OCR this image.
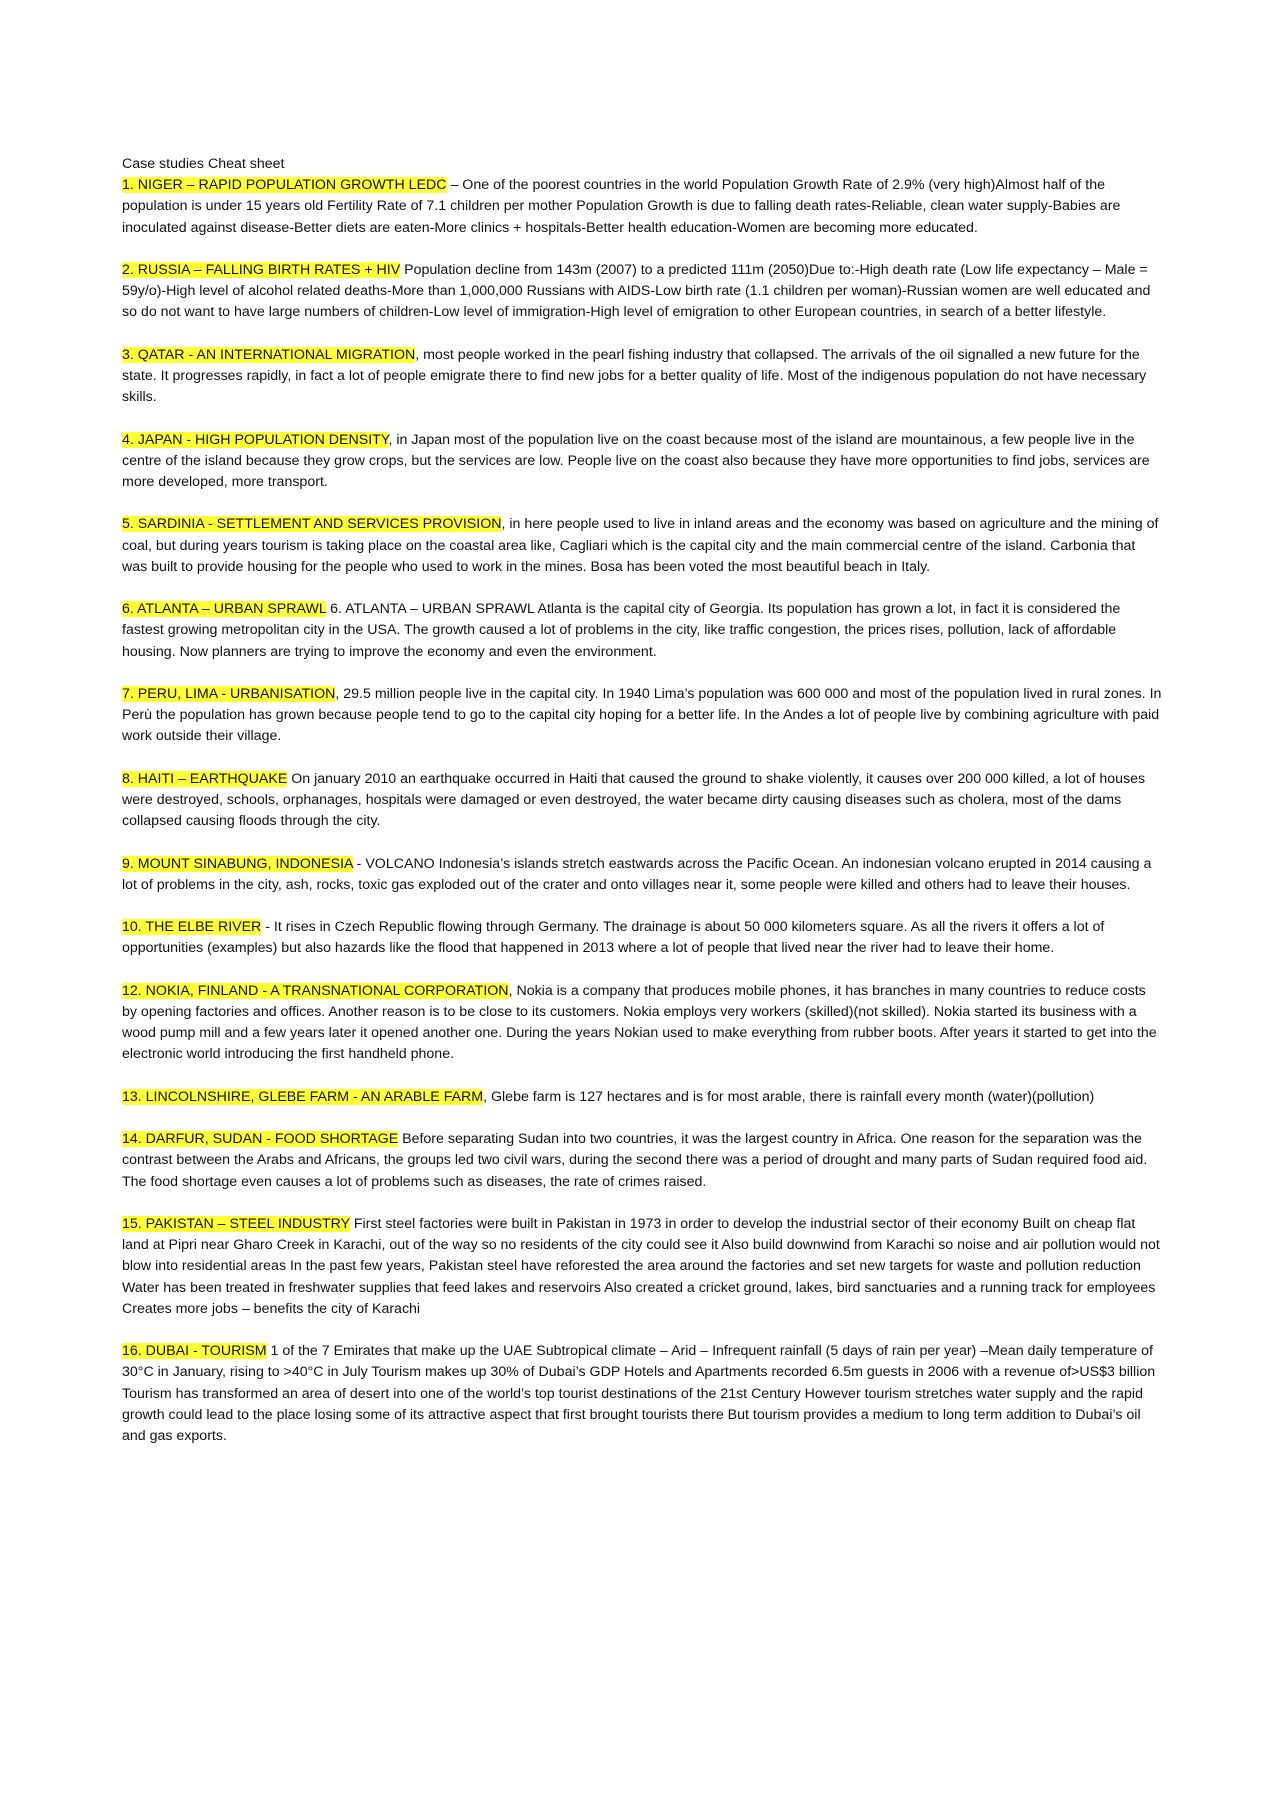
Case studies Cheat sheet

1. NIGER – RAPID POPULATION GROWTH LEDC – One of the poorest countries in the world Population Growth Rate of 2.9% (very high)Almost half of the population is under 15 years old Fertility Rate of 7.1 children per mother Population Growth is due to falling death rates-Reliable, clean water supply-Babies are inoculated against disease-Better diets are eaten-More clinics + hospitals-Better health education-Women are becoming more educated.

2. RUSSIA – FALLING BIRTH RATES + HIV Population decline from 143m (2007) to a predicted 111m (2050)Due to:-High death rate (Low life expectancy – Male = 59y/o)-High level of alcohol related deaths-More than 1,000,000 Russians with AIDS-Low birth rate (1.1 children per woman)-Russian women are well educated and so do not want to have large numbers of children-Low level of immigration-High level of emigration to other European countries, in search of a better lifestyle.

3. QATAR - AN INTERNATIONAL MIGRATION, most people worked in the pearl fishing industry that collapsed. The arrivals of the oil signalled a new future for the state. It progresses rapidly, in fact a lot of people emigrate there to find new jobs for a better quality of life. Most of the indigenous population do not have necessary skills.

4. JAPAN - HIGH POPULATION DENSITY, in Japan most of the population live on the coast because most of the island are mountainous, a few people live in the centre of the island because they grow crops, but the services are low. People live on the coast also because they have more opportunities to find jobs, services are more developed, more transport.

5. SARDINIA - SETTLEMENT AND SERVICES PROVISION, in here people used to live in inland areas and the economy was based on agriculture and the mining of coal, but during years tourism is taking place on the coastal area like, Cagliari which is the capital city and the main commercial centre of the island. Carbonia that was built to provide housing for the people who used to work in the mines. Bosa has been voted the most beautiful beach in Italy.

6. ATLANTA – URBAN SPRAWL 6. ATLANTA – URBAN SPRAWL Atlanta is the capital city of Georgia. Its population has grown a lot, in fact it is considered the fastest growing metropolitan city in the USA. The growth caused a lot of problems in the city, like traffic congestion, the prices rises, pollution, lack of affordable housing. Now planners are trying to improve the economy and even the environment.

7. PERU, LIMA - URBANISATION, 29.5 million people live in the capital city. In 1940 Lima’s population was 600 000 and most of the population lived in rural zones. In Perù the population has grown because people tend to go to the capital city hoping for a better life. In the Andes a lot of people live by combining agriculture with paid work outside their village.

8. HAITI – EARTHQUAKE On january 2010 an earthquake occurred in Haiti that caused the ground to shake violently, it causes over 200 000 killed, a lot of houses were destroyed, schools, orphanages, hospitals were damaged or even destroyed, the water became dirty causing diseases such as cholera, most of the dams collapsed causing floods through the city.

9. MOUNT SINABUNG, INDONESIA - VOLCANO Indonesia’s islands stretch eastwards across the Pacific Ocean. An indonesian volcano erupted in 2014 causing a lot of problems in the city, ash, rocks, toxic gas exploded out of the crater and onto villages near it, some people were killed and others had to leave their houses.

10. THE ELBE RIVER - It rises in Czech Republic flowing through Germany. The drainage is about 50 000 kilometers square. As all the rivers it offers a lot of opportunities (examples) but also hazards like the flood that happened in 2013 where a lot of people that lived near the river had to leave their home.

12. NOKIA, FINLAND - A TRANSNATIONAL CORPORATION, Nokia is a company that produces mobile phones, it has branches in many countries to reduce costs by opening factories and offices. Another reason is to be close to its customers. Nokia employs very workers (skilled)(not skilled). Nokia started its business with a wood pump mill and a few years later it opened another one. During the years Nokian used to make everything from rubber boots. After years it started to get into the electronic world introducing the first handheld phone.

13. LINCOLNSHIRE, GLEBE FARM - AN ARABLE FARM, Glebe farm is 127 hectares and is for most arable, there is rainfall every month (water)(pollution)

14. DARFUR, SUDAN - FOOD SHORTAGE Before separating Sudan into two countries, it was the largest country in Africa. One reason for the separation was the contrast between the Arabs and Africans, the groups led two civil wars, during the second there was a period of drought and many parts of Sudan required food aid. The food shortage even causes a lot of problems such as diseases, the rate of crimes raised.

15. PAKISTAN – STEEL INDUSTRY First steel factories were built in Pakistan in 1973 in order to develop the industrial sector of their economy Built on cheap flat land at Pipri near Gharo Creek in Karachi, out of the way so no residents of the city could see it Also build downwind from Karachi so noise and air pollution would not blow into residential areas In the past few years, Pakistan steel have reforested the area around the factories and set new targets for waste and pollution reduction Water has been treated in freshwater supplies that feed lakes and reservoirs Also created a cricket ground, lakes, bird sanctuaries and a running track for employees Creates more jobs – benefits the city of Karachi

16. DUBAI - TOURISM 1 of the 7 Emirates that make up the UAE Subtropical climate – Arid – Infrequent rainfall (5 days of rain per year) –Mean daily temperature of 30°C in January, rising to >40°C in July Tourism makes up 30% of Dubai’s GDP Hotels and Apartments recorded 6.5m guests in 2006 with a revenue of>US$3 billion Tourism has transformed an area of desert into one of the world’s top tourist destinations of the 21st Century However tourism stretches water supply and the rapid growth could lead to the place losing some of its attractive aspect that first brought tourists there But tourism provides a medium to long term addition to Dubai’s oil and gas exports.
